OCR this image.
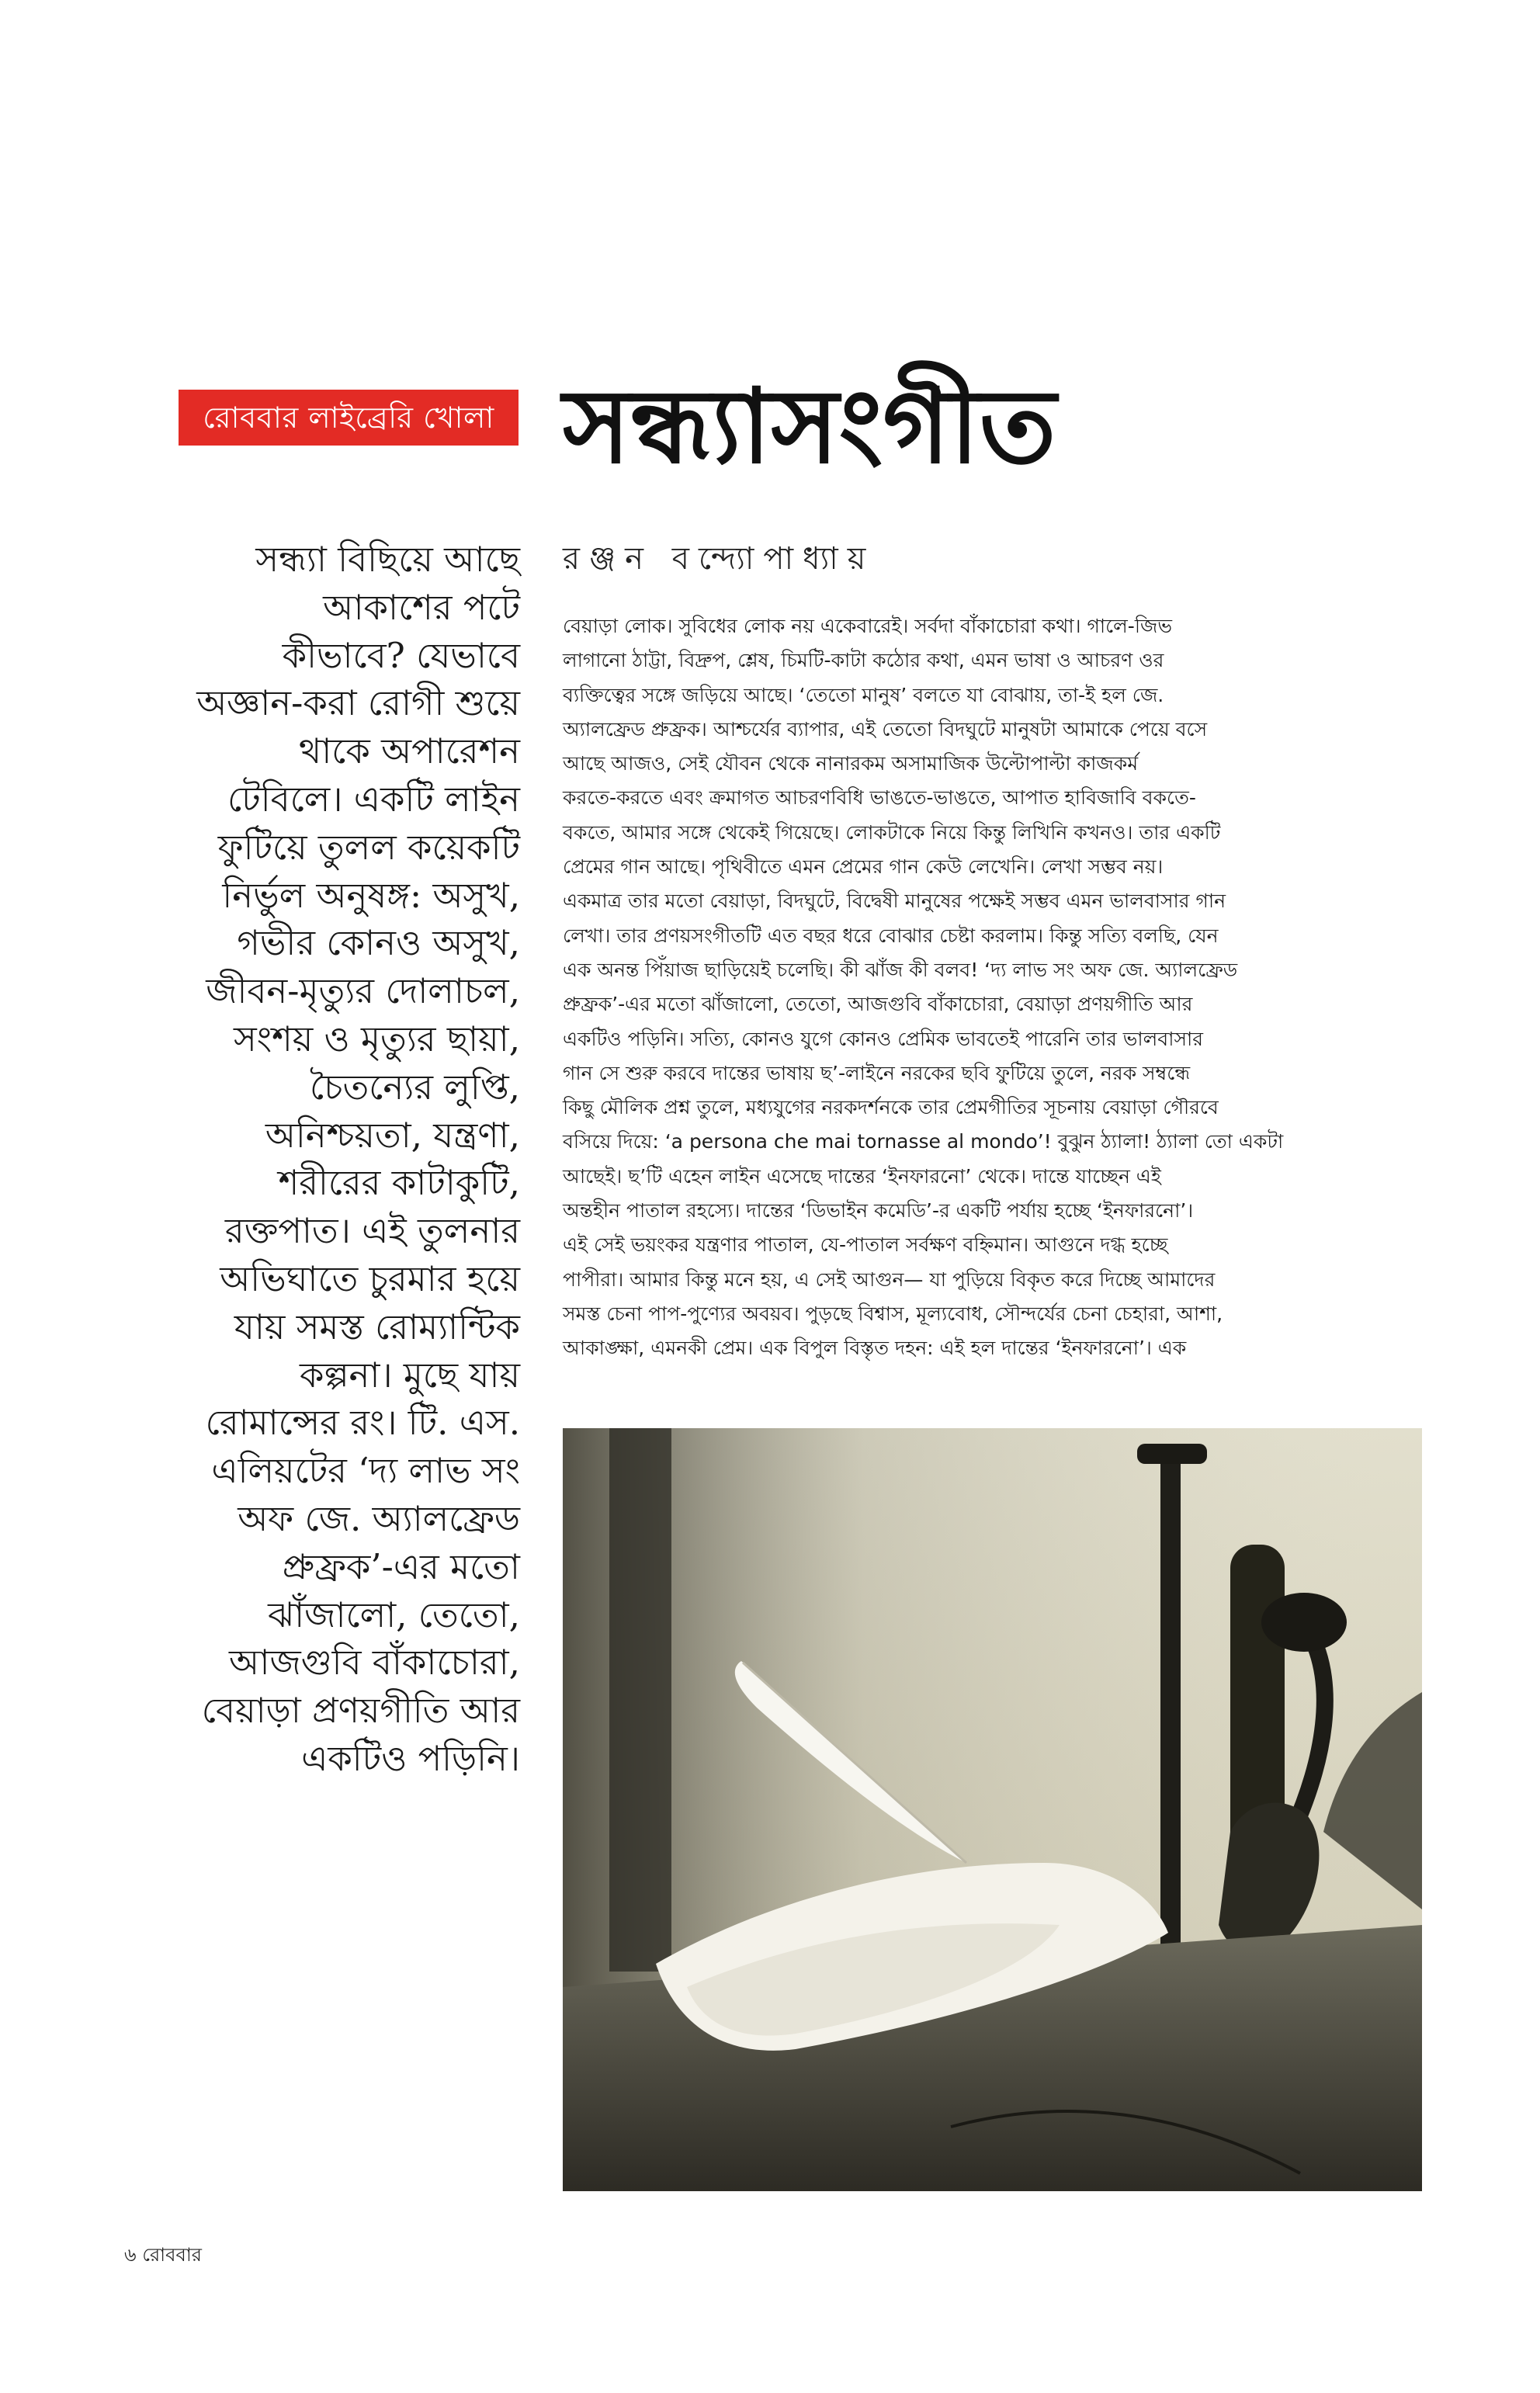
রোববার লাইব্রেরি খোলা সন্ধ্যাসংগীত
সন্ধ্যা বিছিয়ে আছে
আকাশের পটে
কীভাবে? যেভাবে
অজ্ঞান-করা রোগী শুয়ে
থাকে অপারেশন
টেবিলে। একটি লাইন
ফুটিয়ে তুলল কয়েকটি
নির্ভুল অনুষঙ্গ: অসুখ,
গভীর কোনও অসুখ,
জীবন-মৃত্যুর দোলাচল,
সংশয় ও মৃত্যুর ছায়া,
চৈতন্যের লুপ্তি,
অনিশ্চয়তা, যন্ত্রণা,
শরীরের কাটাকুটি,
রক্তপাত। এই তুলনার
অভিঘাতে চুরমার হয়ে
যায় সমস্ত রোম্যান্টিক
কল্পনা। মুছে যায়
রোমান্সের রং। টি. এস.
এলিয়টের ‘দ্য লাভ সং
অফ জে. অ্যালফ্রেড
প্রুফ্রক’-এর মতো
ঝাঁজালো, তেতো,
আজগুবি বাঁকাচোরা,
বেয়াড়া প্রণয়গীতি আর
একটিও পড়িনি।
রঞ্জন বন্দ্যোপাধ্যায়
বেয়াড়া লোক। সুবিধের লোক নয় একেবারেই। সর্বদা বাঁকাচোরা কথা। গালে-জিভ
লাগানো ঠাট্টা, বিদ্রুপ, শ্লেষ, চিমটি-কাটা কঠোর কথা, এমন ভাষা ও আচরণ ওর
ব্যক্তিত্বের সঙ্গে জড়িয়ে আছে। ‘তেতো মানুষ’ বলতে যা বোঝায়, তা-ই হল জে.
অ্যালফ্রেড প্রুফ্রক। আশ্চর্যের ব্যাপার, এই তেতো বিদঘুটে মানুষটা আমাকে পেয়ে বসে
আছে আজও, সেই যৌবন থেকে নানারকম অসামাজিক উল্টোপাল্টা কাজকর্ম
করতে-করতে এবং ক্রমাগত আচরণবিধি ভাঙতে-ভাঙতে, আপাত হাবিজাবি বকতে-
বকতে, আমার সঙ্গে থেকেই গিয়েছে। লোকটাকে নিয়ে কিন্তু লিখিনি কখনও। তার একটি
প্রেমের গান আছে। পৃথিবীতে এমন প্রেমের গান কেউ লেখেনি। লেখা সম্ভব নয়।
একমাত্র তার মতো বেয়াড়া, বিদঘুটে, বিদ্বেষী মানুষের পক্ষেই সম্ভব এমন ভালবাসার গান
লেখা। তার প্রণয়সংগীতটি এত বছর ধরে বোঝার চেষ্টা করলাম। কিন্তু সত্যি বলছি, যেন
এক অনন্ত পিঁয়াজ ছাড়িয়েই চলেছি। কী ঝাঁজ কী বলব! ‘দ্য লাভ সং অফ জে. অ্যালফ্রেড
প্রুফ্রক’-এর মতো ঝাঁজালো, তেতো, আজগুবি বাঁকাচোরা, বেয়াড়া প্রণয়গীতি আর
একটিও পড়িনি। সত্যি, কোনও যুগে কোনও প্রেমিক ভাবতেই পারেনি তার ভালবাসার
গান সে শুরু করবে দান্তের ভাষায় ছ’-লাইনে নরকের ছবি ফুটিয়ে তুলে, নরক সম্বন্ধে
কিছু মৌলিক প্রশ্ন তুলে, মধ্যযুগের নরকদর্শনকে তার প্রেমগীতির সূচনায় বেয়াড়া গৌরবে
বসিয়ে দিয়ে: ‘a persona che mai tornasse al mondo’! বুঝুন ঠ্যালা! ঠ্যালা তো একটা
আছেই। ছ’টি এহেন লাইন এসেছে দান্তের ‘ইনফারনো’ থেকে। দান্তে যাচ্ছেন এই
অন্তহীন পাতাল রহস্যে। দান্তের ‘ডিভাইন কমেডি’-র একটি পর্যায় হচ্ছে ‘ইনফারনো’।
এই সেই ভয়ংকর যন্ত্রণার পাতাল, যে-পাতাল সর্বক্ষণ বহ্নিমান। আগুনে দগ্ধ হচ্ছে
পাপীরা। আমার কিন্তু মনে হয়, এ সেই আগুন— যা পুড়িয়ে বিকৃত করে দিচ্ছে আমাদের
সমস্ত চেনা পাপ-পুণ্যের অবয়ব। পুড়ছে বিশ্বাস, মূল্যবোধ, সৌন্দর্যের চেনা চেহারা, আশা,
আকাঙ্ক্ষা, এমনকী প্রেম। এক বিপুল বিস্তৃত দহন: এই হল দান্তের ‘ইনফারনো’। এক
৬ রোববার
